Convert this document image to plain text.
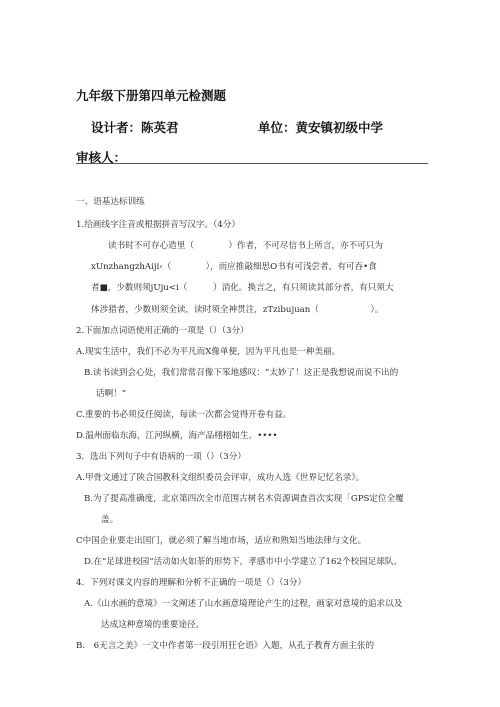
九年级下册第四单元检测题
设计者：陈英君	单位：黄安镇初级中学
审核人：
一、语基达标训练
1.给画线字注音或根据拼音写汉字。（4分）
读书时不可存心造里（　　　　）作者，不可尽信书上所言，亦不可只为
xUnzhangzhAiji‹（　　　　），而应推敲细思O书有可浅尝者，有可吞•食
者■，少数则须jUju<i（　　　）消化。换言之，有只须读其部分者，有只须大
体涉猎者，少数则须全读，读时须全神贯注，zTzibujuan（　　　　　　）。
2.下面加点词语使用正确的一项是（）（3分）
A.现实生活中，我们不必为平凡而X像单便，因为平凡也是一种美丽。
B.读书读到会心处，我们常常召像下笨地感叹：“太妙了！这正是我想说而说不出的
话啊！”
C.重要的书必须反任阅读，每读一次都会觉得开卷有益。
D.温州面临东海，江河纵横，海产品栩栩如生。••••
3．选出下列句子中有语病的一项（）（3分）
A.甲骨文通过了陕合国教科文组织委员会评审，成功入选《世界记忆名录》。
B.为了提高准确度，北京第四次全市范围古树名木资源调查首次实现「GPS定位全覆
盖。
C中国企业要走出国门，就必须了解当地市场，适应和熟知当地法律与文化。
D.在“足球进校园”活动如火如荼的形势下，孝感市中小学建立了162个校园足球队。
4．下列对课文内容的理解和分析不正确的一项是（）（3分）
A.《山水画的意境》一文阐述了山水画意境理论产生的过程，画家对意境的追求以及
达成这种意境的重要途径。
B.　6无言之美》一文中作者第一段引用狂仑语》入题，从孔子教育方面主张的
